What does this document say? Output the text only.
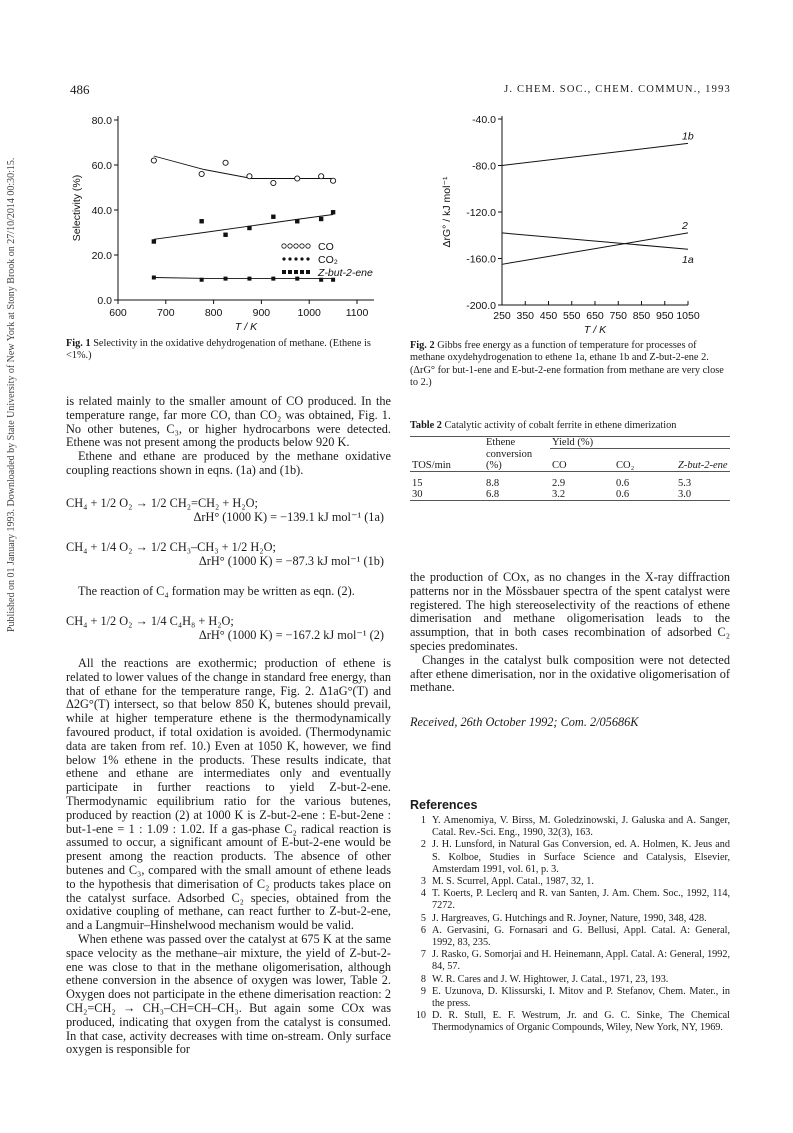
486	J. CHEM. SOC., CHEM. COMMUN., 1993
Published on 01 January 1993. Downloaded by State University of New York at Stony Brook on 27/10/2014 00:30:15.	Selectivity (%)
T / K
80.0
60.0
40.0
20.0
0.0
600	700	800	900	1000 1100
CO
CO₂
Z-but-2-ene
Fig. 1 Selectivity in the oxidative dehydrogenation of methane. (Ethene is <1%.)
ΔrG° / kJ mol⁻¹
T / K
-40.0
-80.0
-120.0
-160.0
-200.0
250 350 450 550 650 750 850 950 1050
1b
2
1a
Fig. 2 Gibbs free energy as a function of temperature for processes of methane oxydehydrogenation to ethene 1a, ethane 1b and Z-but-2-ene 2. (ΔrG° for but-1-ene and E-but-2-ene formation from methane are very close to 2.)

is related mainly to the smaller amount of CO produced. In the temperature range, far more CO, than CO₂ was obtained, Fig. 1. No other butenes, C₃, or higher hydrocarbons were detected. Ethene was not present among the products below 920 K.

Ethene and ethane are produced by the methane oxidative coupling reactions shown in eqns. (1a) and (1b).

CH₄ + 1/2 O₂ → 1/2 CH₂=CH₂ + H₂O;
ΔrH° (1000 K) = −139.1 kJ mol⁻¹ (1a)
CH₄ + 1/4 O₂ → 1/2 CH₃–CH₃ + 1/2 H₂O;
ΔrH° (1000 K) = −87.3 kJ mol⁻¹ (1b)

The reaction of C₄ formation may be written as eqn. (2).

CH₄ + 1/2 O₂ → 1/4 C₄H₈ + H₂O;
ΔrH° (1000 K) = −167.2 kJ mol⁻¹ (2)

All the reactions are exothermic; production of ethene is related to lower values of the change in standard free energy, than that of ethane for the temperature range, Fig. 2. Δ1aG°(T) and Δ2G°(T) intersect, so that below 850 K, butenes should prevail, while at higher temperature ethene is the thermodynamically favoured product, if total oxidation is avoided. (Thermodynamic data are taken from ref. 10.) Even at 1050 K, however, we find below 1% ethene in the products. These results indicate, that ethene and ethane are intermediates only and eventually participate in further reactions to yield Z-but-2-ene. Thermodynamic equilibrium ratio for the various butenes, produced by reaction (2) at 1000 K is Z-but-2-ene : E-but-2ene : but-1-ene = 1 : 1.09 : 1.02. If a gas-phase C₂ radical reaction is assumed to occur, a significant amount of E-but-2-ene would be present among the reaction products. The absence of other butenes and C₃, compared with the small amount of ethene leads to the hypothesis that dimerisation of C₂ products takes place on the catalyst surface. Adsorbed C₂ species, obtained from the oxidative coupling of methane, can react further to Z-but-2-ene, and a Langmuir–Hinshelwood mechanism would be valid.

When ethene was passed over the catalyst at 675 K at the same space velocity as the methane–air mixture, the yield of Z-but-2-ene was close to that in the methane oligomerisation, although ethene conversion in the absence of oxygen was lower, Table 2. Oxygen does not participate in the ethene dimerisation reaction: 2 CH₂=CH₂ → CH₃–CH=CH–CH₃. But again some COx was produced, indicating that oxygen from the catalyst is consumed. In that case, activity decreases with time on-stream. Only surface oxygen is responsible for

Table 2 Catalytic activity of cobalt ferrite in ethene dimerization
	Ethene	Yield (%)		
	conversion			
TOS/min	(%)	CO	CO₂	Z-but-2-ene

15	8.8	2.9	0.6	5.3
30	6.8	3.2	0.6	3.0

the production of COx, as no changes in the X-ray diffraction patterns nor in the Mössbauer spectra of the spent catalyst were registered. The high stereoselectivity of the reactions of ethene dimerisation and methane oligomerisation leads to the assumption, that in both cases recombination of adsorbed C₂ species predominates.

Changes in the catalyst bulk composition were not detected after ethene dimerisation, nor in the oxidative oligomerisation of methane.

Received, 26th October 1992; Com. 2/05686K
References
1 Y. Amenomiya, V. Birss, M. Goledzinowski, J. Galuska and A. Sanger, Catal. Rev.-Sci. Eng., 1990, 32(3), 163.
2 J. H. Lunsford, in Natural Gas Conversion, ed. A. Holmen, K. Jeus and S. Kolboe, Studies in Surface Science and Catalysis, Elsevier, Amsterdam 1991, vol. 61, p. 3.
3 M. S. Scurrel, Appl. Catal., 1987, 32, 1.
4 T. Koerts, P. Leclerq and R. van Santen, J. Am. Chem. Soc., 1992, 114, 7272.
5 J. Hargreaves, G. Hutchings and R. Joyner, Nature, 1990, 348, 428.
6 A. Gervasini, G. Fornasari and G. Bellusi, Appl. Catal. A: General, 1992, 83, 235.
7 J. Rasko, G. Somorjai and H. Heinemann, Appl. Catal. A: General, 1992, 84, 57.
8 W. R. Cares and J. W. Hightower, J. Catal., 1971, 23, 193.
9 E. Uzunova, D. Klissurski, I. Mitov and P. Stefanov, Chem. Mater., in the press.
10 D. R. Stull, E. F. Westrum, Jr. and G. C. Sinke, The Chemical Thermodynamics of Organic Compounds, Wiley, New York, NY, 1969.
